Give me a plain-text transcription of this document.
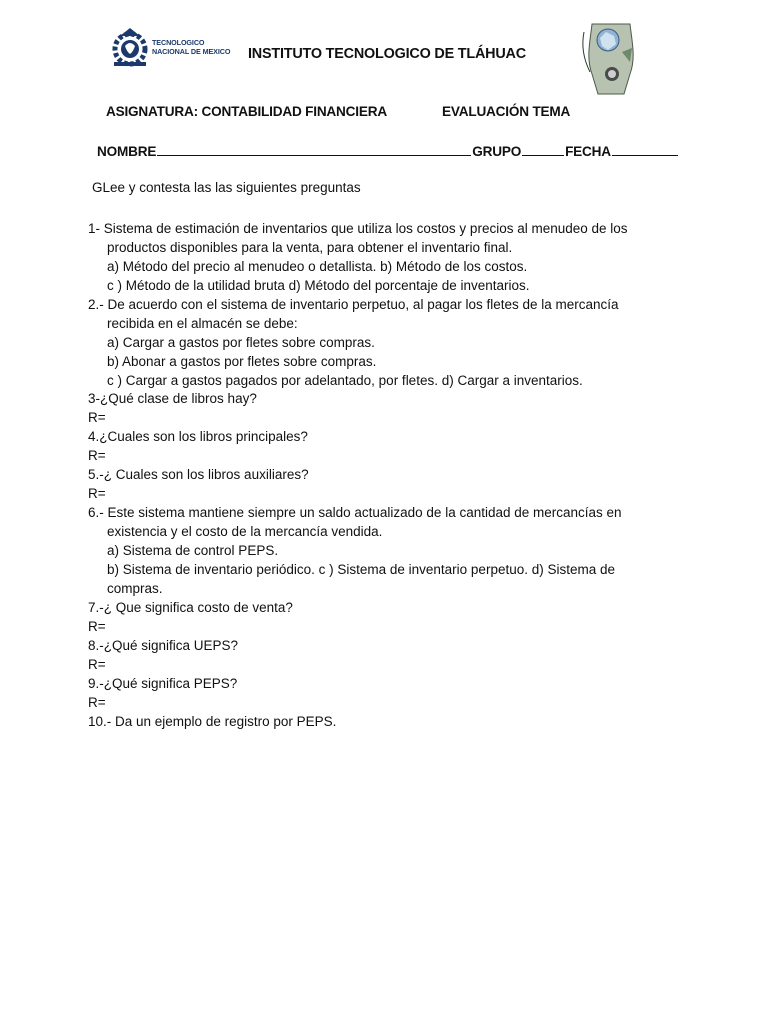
TECNOLOGICO
NACIONAL DE MEXICO INSTITUTO TECNOLOGICO DE TLÁHUAC
ASIGNATURA: CONTABILIDAD FINANCIERA	EVALUACIÓN TEMA
NOMBRE	GRUPO	FECHA
GLee y contesta las las siguientes preguntas
1- Sistema de estimación de inventarios que utiliza los costos y precios al menudeo de los
productos disponibles para la venta, para obtener el inventario final.
a) Método del precio al menudeo o detallista. b) Método de los costos.
c ) Método de la utilidad bruta d) Método del porcentaje de inventarios.
2.- De acuerdo con el sistema de inventario perpetuo, al pagar los fletes de la mercancía
recibida en el almacén se debe:
a) Cargar a gastos por fletes sobre compras.
b) Abonar a gastos por fletes sobre compras.
c ) Cargar a gastos pagados por adelantado, por fletes. d) Cargar a inventarios.
3-¿Qué clase de libros hay?
R=
4.¿Cuales son los libros principales?
R=
5.-¿ Cuales son los libros auxiliares?
R=
6.- Este sistema mantiene siempre un saldo actualizado de la cantidad de mercancías en
existencia y el costo de la mercancía vendida.
a) Sistema de control PEPS.
b) Sistema de inventario periódico. c ) Sistema de inventario perpetuo. d) Sistema de
compras.
7.-¿ Que significa costo de venta?
R=
8.-¿Qué significa UEPS?
R=
9.-¿Qué significa PEPS?
R=
10.- Da un ejemplo de registro por PEPS.
